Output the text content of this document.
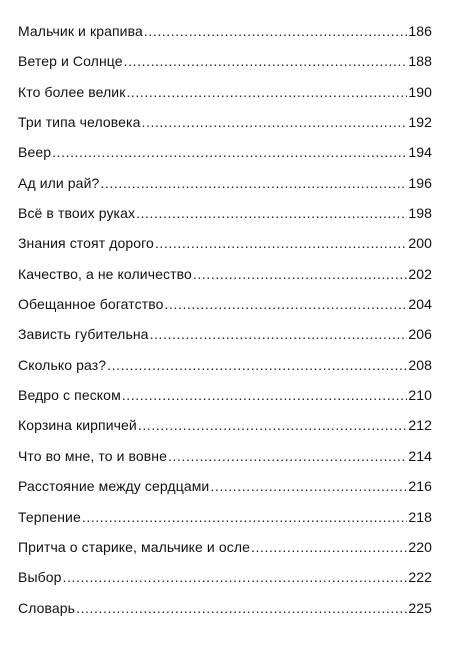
Мальчик и крапива .....	186
Ветер и Солнце .....	188
Кто более велик .....	190
Три типа человека .....	192
Веер .....	194
Ад или рай? .....	196
Всё в твоих руках .....	198
Знания стоят дорого .....	200
Качество, а не количество .....	202
Обещанное богатство .....	204
Зависть губительна .....	206
Сколько раз? .....	208
Ведро с песком .....	210
Корзина кирпичей .....	212
Что во мне, то и вовне .....	214
Расстояние между сердцами .....	216
Терпение .....	218
Притча о старике, мальчике и осле .....	220
Выбор .....	222
Словарь .....	225
